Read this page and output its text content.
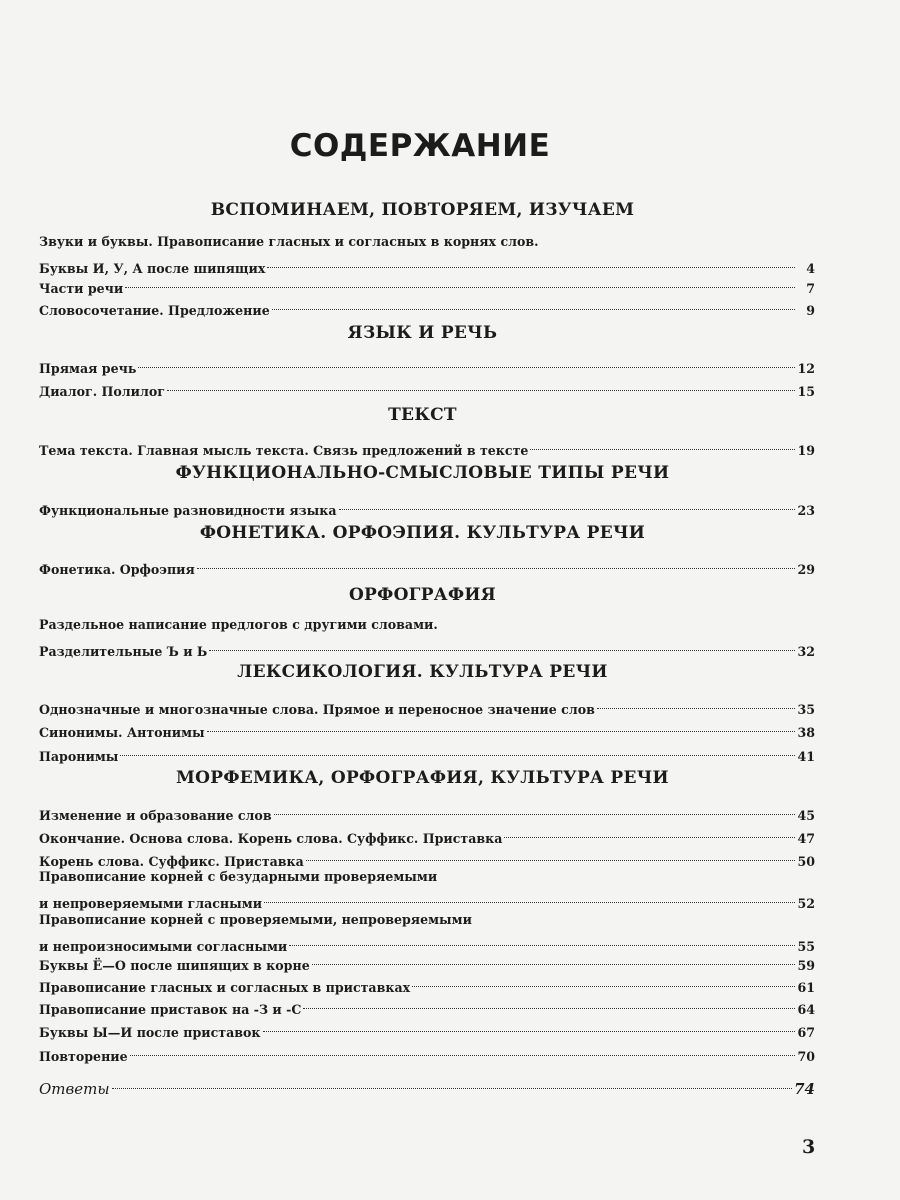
СОДЕРЖАНИЕ
ВСПОМИНАЕМ, ПОВТОРЯЕМ, ИЗУЧАЕМ
Звуки и буквы. Правописание гласных и согласных в корнях слов.
Буквы И, У, А после шипящих	4
Части речи	7
Словосочетание. Предложение	9
ЯЗЫК И РЕЧЬ
Прямая речь	12
Диалог. Полилог	15
ТЕКСТ
Тема текста. Главная мысль текста. Связь предложений в тексте	19
ФУНКЦИОНАЛЬНО-СМЫСЛОВЫЕ ТИПЫ РЕЧИ
Функциональные разновидности языка	23
ФОНЕТИКА. ОРФОЭПИЯ. КУЛЬТУРА РЕЧИ
Фонетика. Орфоэпия	29
ОРФОГРАФИЯ
Раздельное написание предлогов с другими словами.
Разделительные Ъ и Ь	32
ЛЕКСИКОЛОГИЯ. КУЛЬТУРА РЕЧИ
Однозначные и многозначные слова. Прямое и переносное значение слов	35
Синонимы. Антонимы	38
Паронимы	41
МОРФЕМИКА, ОРФОГРАФИЯ, КУЛЬТУРА РЕЧИ
Изменение и образование слов	45
Окончание. Основа слова. Корень слова. Суффикс. Приставка	47
Корень слова. Суффикс. Приставка	50
Правописание корней с безударными проверяемыми
и непроверяемыми гласными	52
Правописание корней с проверяемыми, непроверяемыми
и непроизносимыми согласными	55
Буквы Ё—О после шипящих в корне	59
Правописание гласных и согласных в приставках	61
Правописание приставок на -З и -С	64
Буквы Ы—И после приставок	67
Повторение	70
Ответы	74
3
